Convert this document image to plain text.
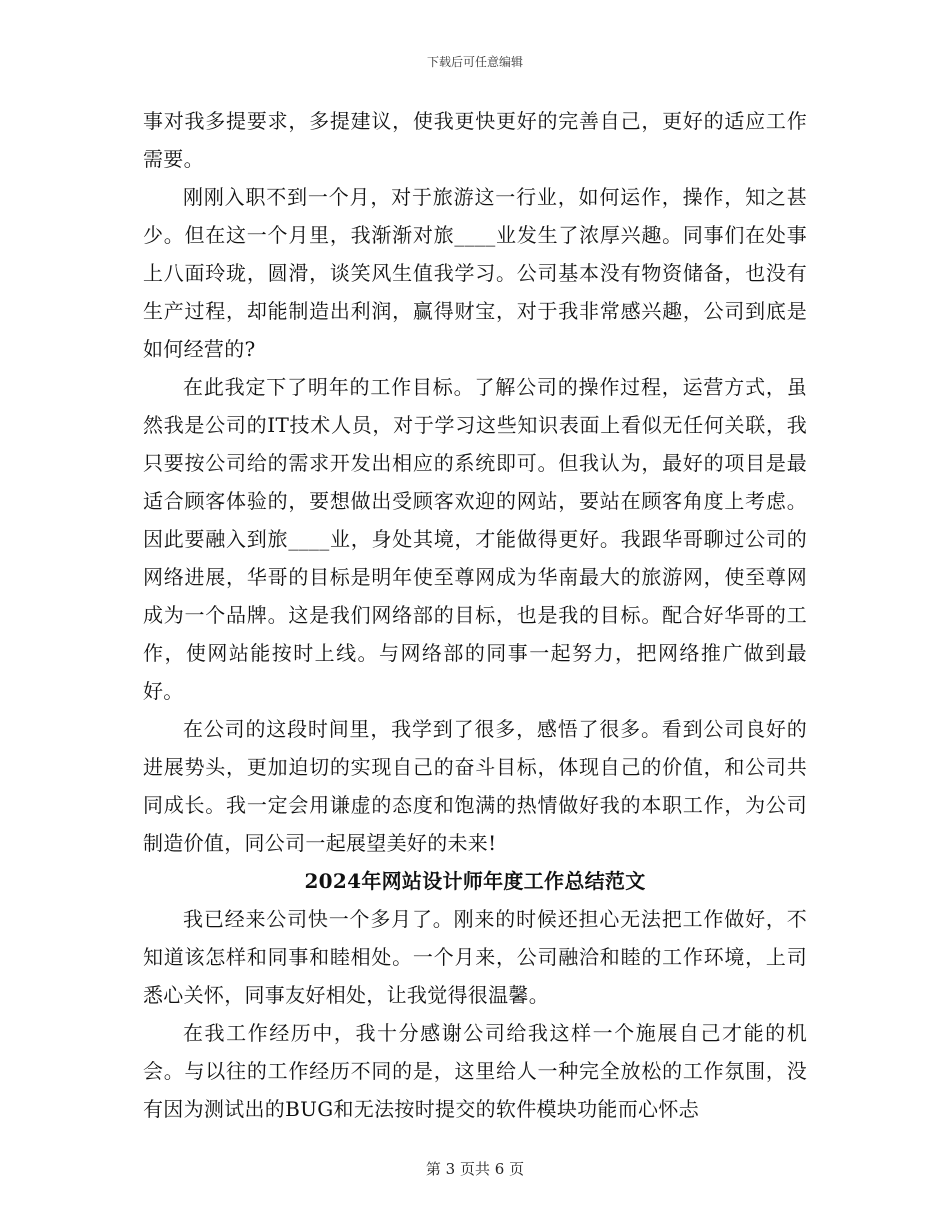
下载后可任意编辑

事对我多提要求，多提建议，使我更快更好的完善自己，更好的适应工作需要。

刚刚入职不到一个月，对于旅游这一行业，如何运作，操作，知之甚少。但在这一个月里，我渐渐对旅____业发生了浓厚兴趣。同事们在处事上八面玲珑，圆滑，谈笑风生值我学习。公司基本没有物资储备，也没有生产过程，却能制造出利润，赢得财宝，对于我非常感兴趣，公司到底是如何经营的?

在此我定下了明年的工作目标。了解公司的操作过程，运营方式，虽然我是公司的IT技术人员，对于学习这些知识表面上看似无任何关联，我只要按公司给的需求开发出相应的系统即可。但我认为，最好的项目是最适合顾客体验的，要想做出受顾客欢迎的网站，要站在顾客角度上考虑。因此要融入到旅____业，身处其境，才能做得更好。我跟华哥聊过公司的网络进展，华哥的目标是明年使至尊网成为华南最大的旅游网，使至尊网成为一个品牌。这是我们网络部的目标，也是我的目标。配合好华哥的工作，使网站能按时上线。与网络部的同事一起努力，把网络推广做到最好。

在公司的这段时间里，我学到了很多，感悟了很多。看到公司良好的进展势头，更加迫切的实现自己的奋斗目标，体现自己的价值，和公司共同成长。我一定会用谦虚的态度和饱满的热情做好我的本职工作，为公司制造价值，同公司一起展望美好的未来!

2024年网站设计师年度工作总结范文

我已经来公司快一个多月了。刚来的时候还担心无法把工作做好，不知道该怎样和同事和睦相处。一个月来，公司融洽和睦的工作环境，上司悉心关怀，同事友好相处，让我觉得很温馨。

在我工作经历中，我十分感谢公司给我这样一个施展自己才能的机会。与以往的工作经历不同的是，这里给人一种完全放松的工作氛围，没有因为测试出的BUG和无法按时提交的软件模块功能而心怀忐

第 3 页共 6 页
